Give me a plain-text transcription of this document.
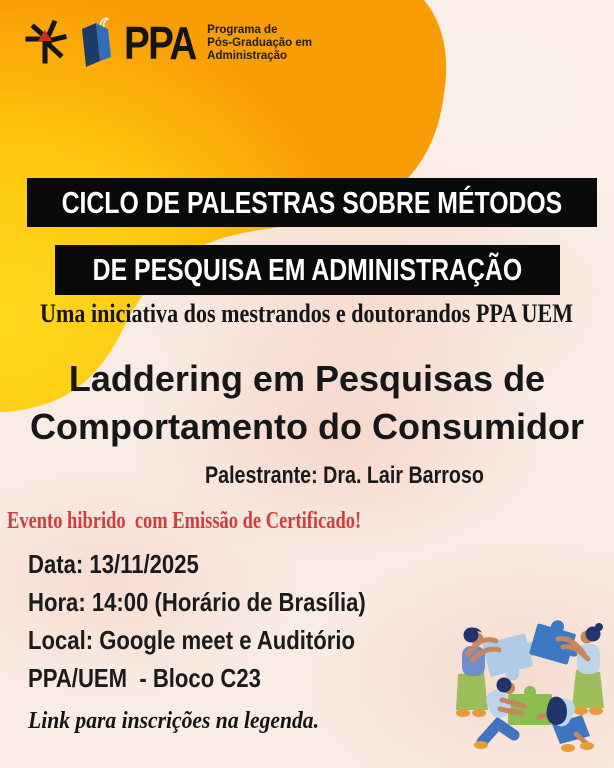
PPA Programa de
Pós-Graduação em
Administração
CICLO DE PALESTRAS SOBRE MÉTODOS
DE PESQUISA EM ADMINISTRAÇÃO
Uma iniciativa dos mestrandos e doutorandos PPA UEM
Laddering em Pesquisas de
Comportamento do Consumidor
Palestrante: Dra. Lair Barroso
Evento hibrido  com Emissão de Certificado!
Data: 13/11/2025
Hora: 14:00 (Horário de Brasília)
Local: Google meet e Auditório
PPA/UEM  - Bloco C23
Link para inscrições na legenda.
